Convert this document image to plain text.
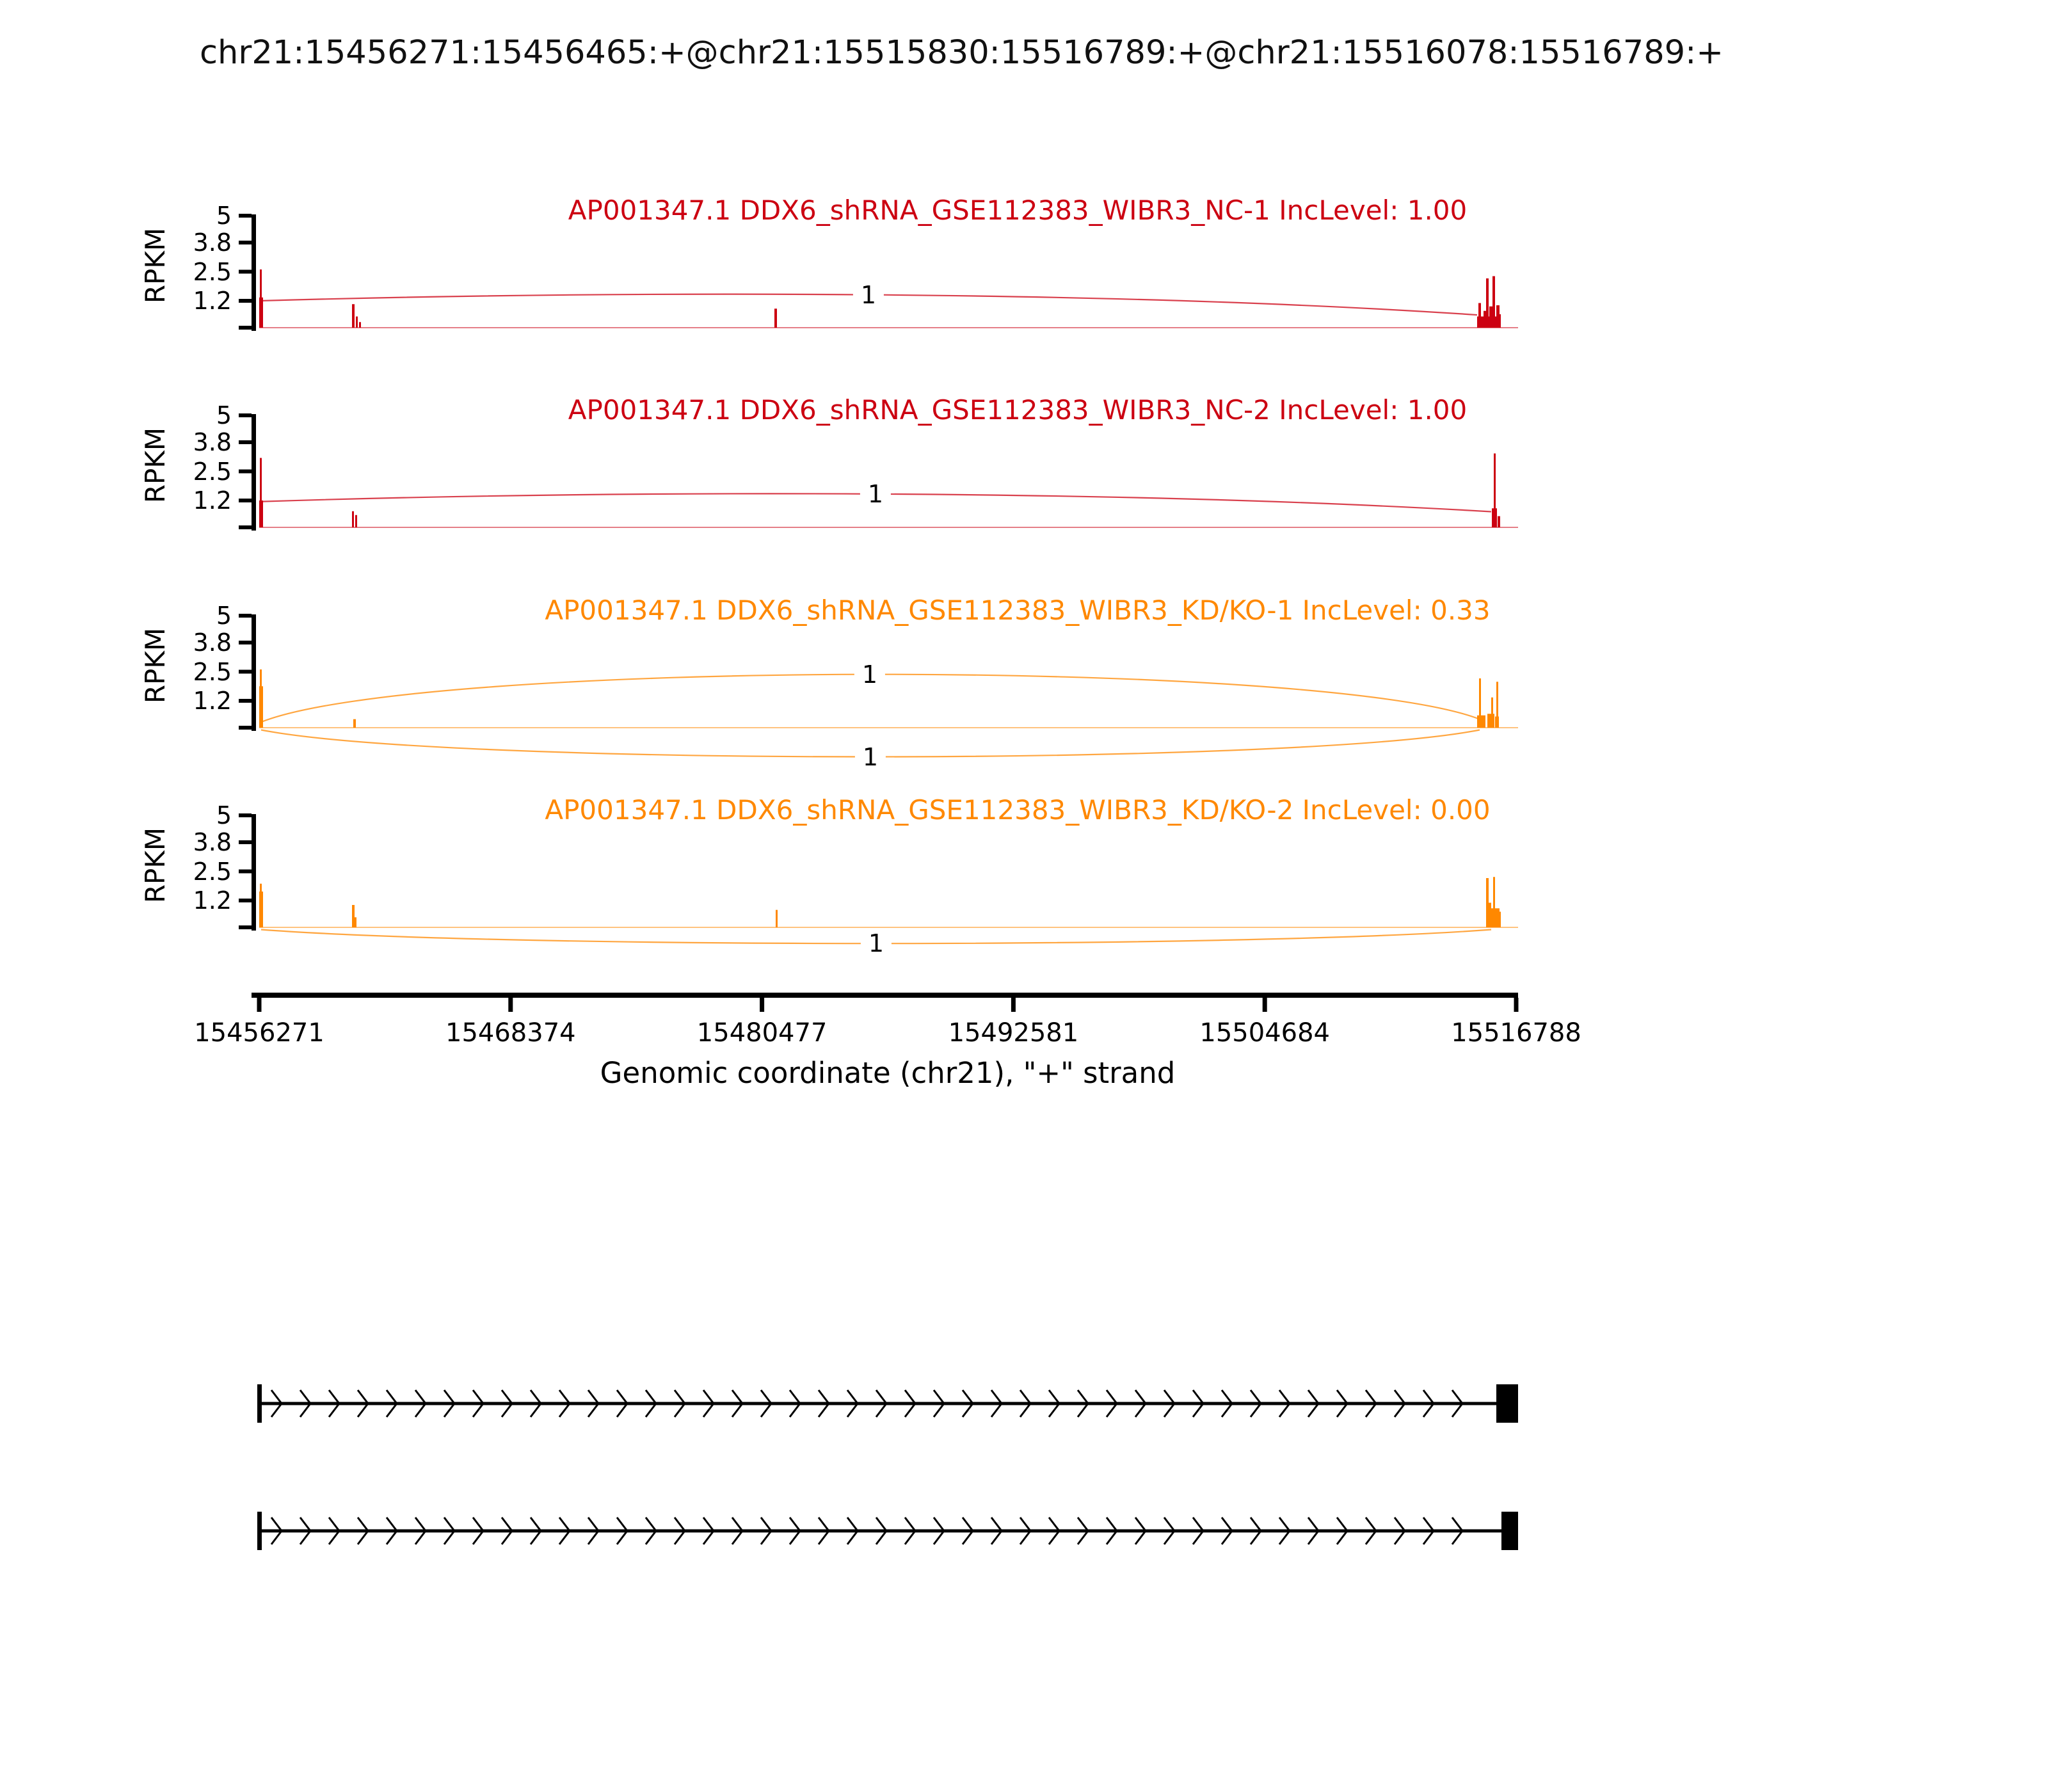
chr21:15456271:15456465:+@chr21:15515830:15516789:+@chr21:15516078:15516789:+
1
AP001347.1 DDX6_shRNA_GSE112383_WIBR3_NC-1 IncLevel: 1.00
RPKM 1.2
2.5
3.8
5
1
AP001347.1 DDX6_shRNA_GSE112383_WIBR3_NC-2 IncLevel: 1.00
RPKM 1.2
2.5
3.8
5
1
1
AP001347.1 DDX6_shRNA_GSE112383_WIBR3_KD/KO-1 IncLevel: 0.33
RPKM 1.2
2.5
3.8
5
1
AP001347.1 DDX6_shRNA_GSE112383_WIBR3_KD/KO-2 IncLevel: 0.00
RPKM 1.2
2.5
3.8
5
15456271	15468374	15480477	15492581	15504684	15516788
Genomic coordinate (chr21), "+" strand
